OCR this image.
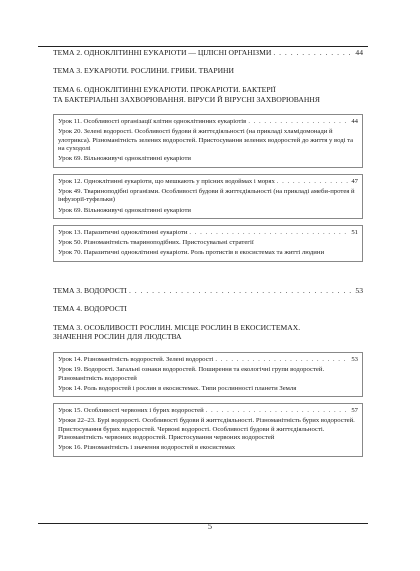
ТЕМА 2. ОДНОКЛІТИННІ ЕУКАРІОТИ — ЦІЛІСНІ ОРГАНІЗМИ . . .	44
ТЕМА 3. ЕУКАРІОТИ. РОСЛИНИ. ГРИБИ. ТВАРИНИ
ТЕМА 6. ОДНОКЛІТИННІ ЕУКАРІОТИ. ПРОКАРІОТИ. БАКТЕРІЇ
ТА БАКТЕРІАЛЬНІ ЗАХВОРЮВАННЯ. ВІРУСИ Й ВІРУСНІ ЗАХВОРЮВАННЯ
Урок 11. Особливості організації клітин одноклітинних еукаріотів . . .	44
Урок 20. Зелені водорості. Особливості будови й життєдіяльності (на прикладі хламідомонади й улотрикса). Різноманітність зелених водоростей. Пристосування зелених водоростей до життя у воді та на суходолі
Урок 69. Вільноживучі одноклітинні еукаріоти
Урок 12. Одноклітинні еукаріоти, що мешкають у прісних водоймах і морях . . .	47
Урок 49. Твариноподібні організми. Особливості будови й життєдіяльності (на прикладі амеби-протея й інфузорії-туфельки)
Урок 69. Вільноживучі одноклітинні еукаріоти
Урок 13. Паразитичні одноклітинні еукаріоти . . .	51
Урок 50. Різноманітність тваринοподібних. Пристосувальні стратегії
Урок 70. Паразитичні одноклітинні еукаріоти. Роль протистів в екосистемах та житті людини
ТЕМА 3. ВОДОРОСТІ . . .	53
ТЕМА 4. ВОДОРОСТІ
ТЕМА 3. ОСОБЛИВОСТІ РОСЛИН. МІСЦЕ РОСЛИН В ЕКОСИСТЕМАХ.
ЗНАЧЕННЯ РОСЛИН ДЛЯ ЛЮДСТВА
Урок 14. Різноманітність водоростей. Зелені водорості . . .	53
Урок 19. Водорості. Загальні ознаки водоростей. Поширення та екологічні групи водоростей. Різноманітність водоростей
Урок 14. Роль водоростей і рослин в екосистемах. Типи рослинності планети Земля
Урок 15. Особливості червоних і бурих водоростей . . .	57
Уроки 22–23. Бурі водорості. Особливості будови й життєдіяльності. Різноманітність бурих водоростей. Пристосування бурих водоростей. Червоні водорості. Особливості будови й життєдіяльності. Різноманітність червоних водоростей. Пристосування червоних водоростей
Урок 16. Різноманітність і значення водоростей в екосистемах
5
